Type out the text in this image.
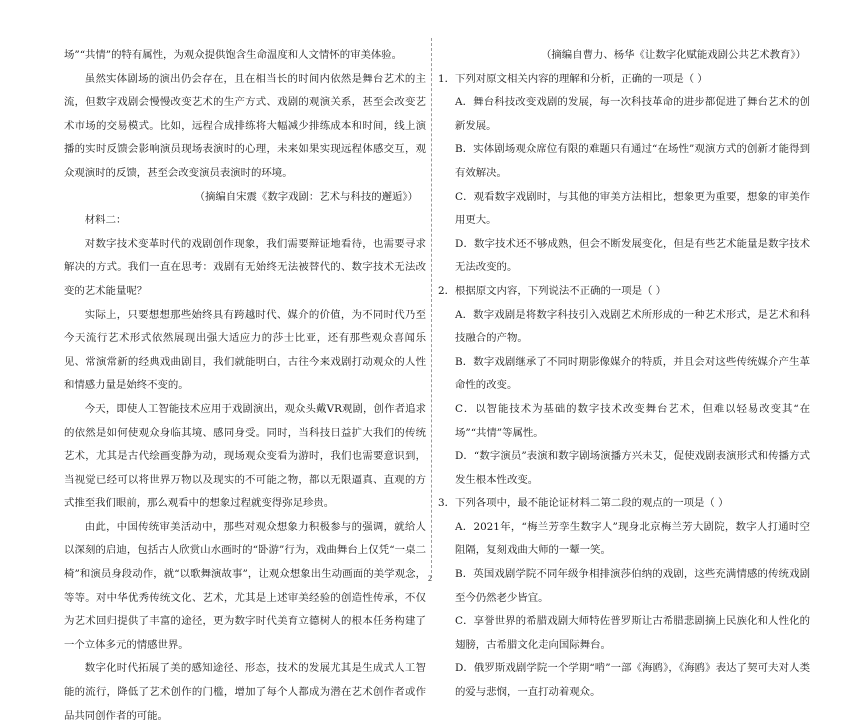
场”“共情”的特有属性，为观众提供饱含生命温度和人文情怀的审美体验。

虽然实体剧场的演出仍会存在，且在相当长的时间内依然是舞台艺术的主流，但数字戏剧会慢慢改变艺术的生产方式、戏剧的观演关系，甚至会改变艺术市场的交易模式。比如，远程合成排练将大幅减少排练成本和时间，线上演播的实时反馈会影响演员现场表演时的心理，未来如果实现远程体感交互，观众观演时的反馈，甚至会改变演员表演时的环境。

（摘编自宋震《数字戏剧：艺术与科技的邂逅》）

材料二：

对数字技术变革时代的戏剧创作现象，我们需要辩证地看待，也需要寻求解决的方式。我们一直在思考：戏剧有无始终无法被替代的、数字技术无法改变的艺术能量呢？

实际上，只要想想那些始终具有跨越时代、媒介的价值，为不同时代乃至今天流行艺术形式依然展现出强大适应力的莎士比亚，还有那些观众喜闻乐见、常演常新的经典戏曲剧目，我们就能明白，古往今来戏剧打动观众的人性和情感力量是始终不变的。

今天，即使人工智能技术应用于戏剧演出，观众头戴VR观剧，创作者追求的依然是如何使观众身临其境、感同身受。同时，当科技日益扩大我们的传统艺术，尤其是古代绘画变静为动，现场观众变看为游时，我们也需要意识到，当视觉已经可以将世界万物以及现实的不可能之物，都以无限逼真、直观的方式推至我们眼前，那么观看中的想象过程就变得弥足珍贵。

由此，中国传统审美活动中，那些对观众想象力积极参与的强调，就给人以深刻的启迪，包括古人欣赏山水画时的“卧游”行为，戏曲舞台上仅凭“一桌二椅”和演员身段动作，就“以歌舞演故事”，让观众想象出生动画面的美学观念，等等。对中华优秀传统文化、艺术，尤其是上述审美经验的创造性传承，不仅为艺术回归提供了丰富的途径，更为数字时代美育立德树人的根本任务构建了一个立体多元的情感世界。

数字化时代拓展了美的感知途径、形态，技术的发展尤其是生成式人工智能的流行，降低了艺术创作的门槛，增加了每个人都成为潜在艺术创作者或作品共同创作者的可能。

（摘编自曹力、杨华《让数字化赋能戏剧公共艺术教育》）

1．下列对原文相关内容的理解和分析，正确的一项是（ ）

A．舞台科技改变戏剧的发展，每一次科技革命的进步都促进了舞台艺术的创新发展。

B．实体剧场观众席位有限的难题只有通过“在场性”观演方式的创新才能得到有效解决。

C．观看数字戏剧时，与其他的审美方法相比，想象更为重要，想象的审美作用更大。

D．数字技术还不够成熟，但会不断发展变化，但是有些艺术能量是数字技术无法改变的。

2．根据原文内容，下列说法不正确的一项是（ ）

A．数字戏剧是将数字科技引入戏剧艺术所形成的一种艺术形式，是艺术和科技融合的产物。

B．数字戏剧继承了不同时期影像媒介的特质，并且会对这些传统媒介产生革命性的改变。

C．以智能技术为基础的数字技术改变舞台艺术，但难以轻易改变其“在场”“共情”等属性。

D．“数字演员”表演和数字剧场演播方兴未艾，促使戏剧表演形式和传播方式发生根本性改变。

3．下列各项中，最不能论证材料二第二段的观点的一项是（ ）

A．2021年，“梅兰芳孪生数字人”现身北京梅兰芳大剧院，数字人打通时空阻隔，复刻戏曲大师的一颦一笑。

B．英国戏剧学院不同年级争相排演莎伯纳的戏剧，这些充满情感的传统戏剧至今仍然老少皆宜。

C．享誉世界的希腊戏剧大师特佐普罗斯让古希腊悲剧摘上民族化和人性化的翅膀，古希腊文化走向国际舞台。

D．俄罗斯戏剧学院一个学期“啃”一部《海鸥》，《海鸥》表达了契可夫对人类的爱与悲悯，一直打动着观众。

2
